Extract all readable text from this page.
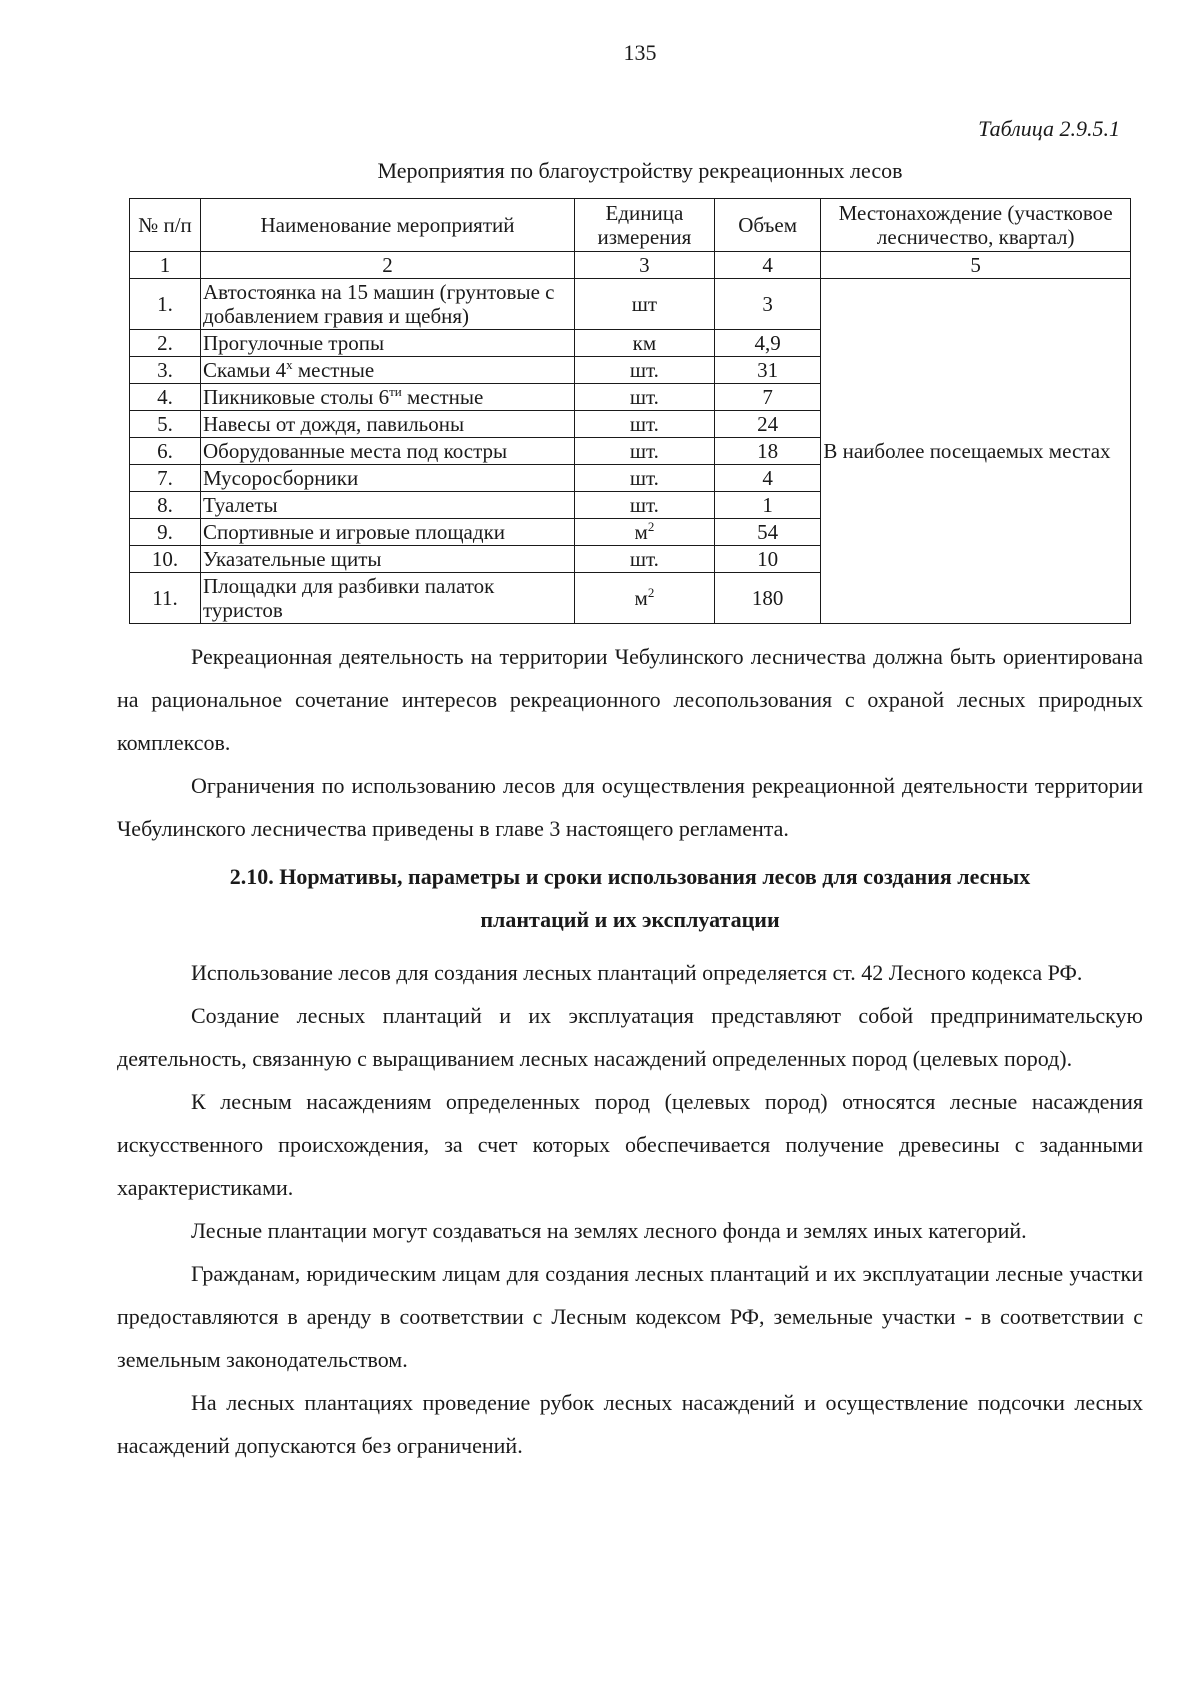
135
Таблица 2.9.5.1
Мероприятия по благоустройству рекреационных лесов
№ п/п	Наименование мероприятий	Единица измерения	Объем	Местонахождение (участковое лесничество, квартал)
1	2	3	4	5
1.	Автостоянка на 15 машин (грунтовые с добавлением гравия и щебня)	шт	3	В наиболее посещаемых местах
2.	Прогулочные тропы	км	4,9	
3.	Скамьи $4^х$ местные	шт.	31	
4.	Пикниковые столы $6^{ти}$ местные	шт.	7	
5.	Навесы от дождя, павильоны	шт.	24	
6.	Оборудованные места под костры	шт.	18	
7.	Мусоросборники	шт.	4	
8.	Туалеты	шт.	1	
9.	Спортивные и игровые площадки	$м^2$	54	
10.	Указательные щиты	шт.	10	
11.	Площадки для разбивки палаток туристов	$м^2$	180	

Рекреационная деятельность на территории Чебулинского лесничества должна быть ориентирована на рациональное сочетание интересов рекреационного лесопользования с охраной лесных природных комплексов.

Ограничения по использованию лесов для осуществления рекреационной деятельности территории Чебулинского лесничества приведены в главе 3 настоящего регламента.

2.10. Нормативы, параметры и сроки использования лесов для создания лесных
плантаций и их эксплуатации

Использование лесов для создания лесных плантаций определяется ст. 42 Лесного кодекса РФ.

Создание лесных плантаций и их эксплуатация представляют собой предпринимательскую деятельность, связанную с выращиванием лесных насаждений определенных пород (целевых пород).

К лесным насаждениям определенных пород (целевых пород) относятся лесные насаждения искусственного происхождения, за счет которых обеспечивается получение древесины с заданными характеристиками.

Лесные плантации могут создаваться на землях лесного фонда и землях иных категорий.

Гражданам, юридическим лицам для создания лесных плантаций и их эксплуатации лесные участки предоставляются в аренду в соответствии с Лесным кодексом РФ, земельные участки - в соответствии с земельным законодательством.

На лесных плантациях проведение рубок лесных насаждений и осуществление подсочки лесных насаждений допускаются без ограничений.
